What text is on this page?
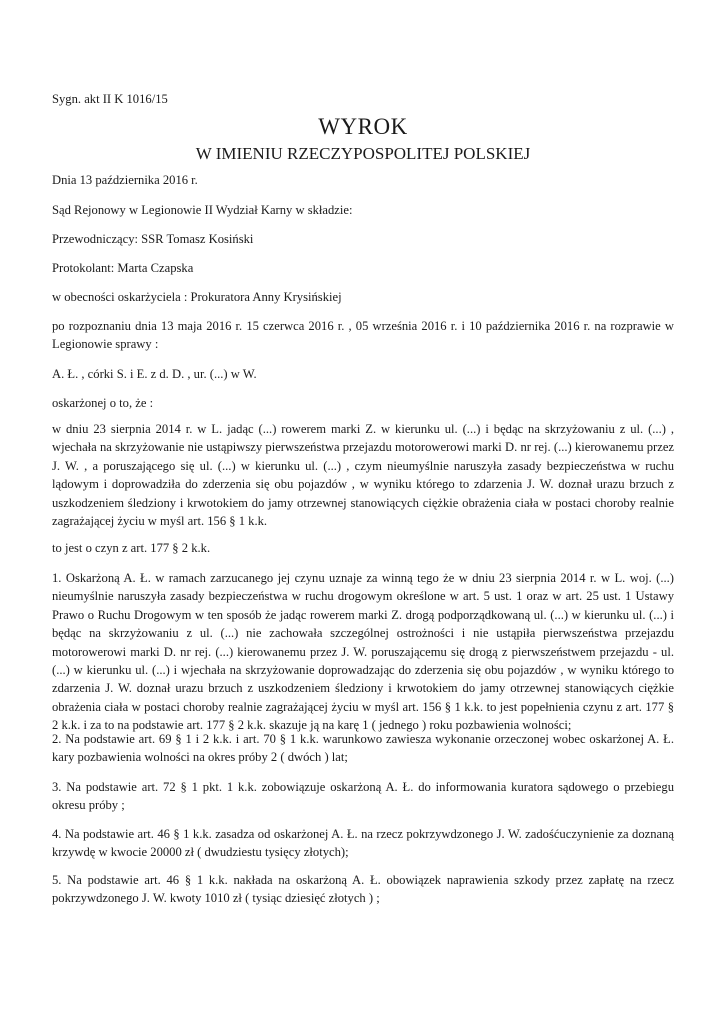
Sygn. akt II K 1016/15

WYROK
W IMIENIU RZECZYPOSPOLITEJ POLSKIEJ

Dnia 13 października 2016 r.

Sąd Rejonowy w Legionowie II Wydział Karny w składzie:

Przewodniczący: SSR Tomasz Kosiński

Protokolant: Marta Czapska

w obecności oskarżyciela : Prokuratora Anny Krysińskiej

po rozpoznaniu dnia 13 maja 2016 r. 15 czerwca 2016 r. , 05 września 2016 r. i 10 października 2016 r. na rozprawie w Legionowie sprawy :

A. Ł. , córki S. i E. z d. D. , ur. (...) w W.

oskarżonej o to, że :

w dniu 23 sierpnia 2014 r. w L. jadąc (...) rowerem marki Z. w kierunku ul. (...) i będąc na skrzyżowaniu z ul. (...) , wjechała na skrzyżowanie nie ustąpiwszy pierwszeństwa przejazdu motorowerowi marki D. nr rej. (...) kierowanemu przez J. W. , a poruszającego się ul. (...) w kierunku ul. (...) , czym nieumyślnie naruszyła zasady bezpieczeństwa w ruchu lądowym i doprowadziła do zderzenia się obu pojazdów , w wyniku którego to zdarzenia J. W. doznał urazu brzuch z uszkodzeniem śledziony i krwotokiem do jamy otrzewnej stanowiących ciężkie obrażenia ciała w postaci choroby realnie zagrażającej życiu w myśl art. 156 § 1 k.k.

to jest o czyn z art. 177 § 2 k.k.

1. Oskarżoną A. Ł. w ramach zarzucanego jej czynu uznaje za winną tego że w dniu 23 sierpnia 2014 r. w L. woj. (...) nieumyślnie naruszyła zasady bezpieczeństwa w ruchu drogowym określone w art. 5 ust. 1 oraz w art. 25 ust. 1 Ustawy Prawo o Ruchu Drogowym w ten sposób że jadąc rowerem marki Z. drogą podporządkowaną ul. (...) w kierunku ul. (...) i będąc na skrzyżowaniu z ul. (...) nie zachowała szczególnej ostrożności i nie ustąpiła pierwszeństwa przejazdu motorowerowi marki D. nr rej. (...) kierowanemu przez J. W. poruszającemu się drogą z pierwszeństwem przejazdu - ul. (...) w kierunku ul. (...) i wjechała na skrzyżowanie doprowadzając do zderzenia się obu pojazdów , w wyniku którego to zdarzenia J. W. doznał urazu brzuch z uszkodzeniem śledziony i krwotokiem do jamy otrzewnej stanowiących ciężkie obrażenia ciała w postaci choroby realnie zagrażającej życiu w myśl art. 156 § 1 k.k. to jest popełnienia czynu z art. 177 § 2 k.k. i za to na podstawie art. 177 § 2 k.k. skazuje ją na karę 1 ( jednego ) roku pozbawienia wolności;

2. Na podstawie art. 69 § 1 i 2 k.k. i art. 70 § 1 k.k. warunkowo zawiesza wykonanie orzeczonej wobec oskarżonej A. Ł. kary pozbawienia wolności na okres próby 2 ( dwóch ) lat;

3. Na podstawie art. 72 § 1 pkt. 1 k.k. zobowiązuje oskarżoną A. Ł. do informowania kuratora sądowego o przebiegu okresu próby ;

4. Na podstawie art. 46 § 1 k.k. zasadza od oskarżonej A. Ł. na rzecz pokrzywdzonego J. W. zadośćuczynienie za doznaną krzywdę w kwocie 20000 zł ( dwudziestu tysięcy złotych);

5. Na podstawie art. 46 § 1 k.k. nakłada na oskarżoną A. Ł. obowiązek naprawienia szkody przez zapłatę na rzecz pokrzywdzonego J. W. kwoty 1010 zł ( tysiąc dziesięć złotych ) ;
